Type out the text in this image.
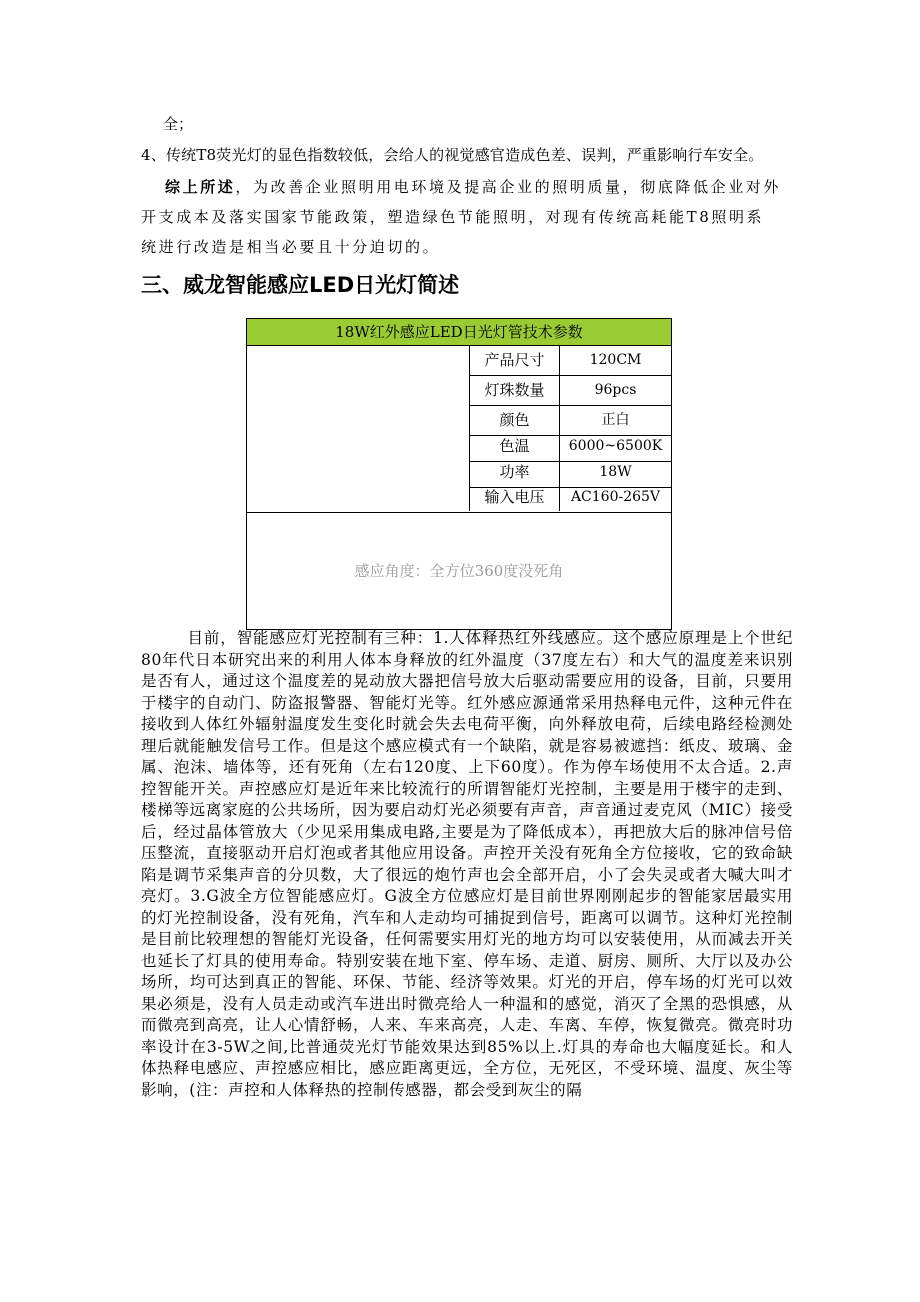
全；
4、传统T8荧光灯的显色指数较低，会给人的视觉感官造成色差、误判，严重影响行车安全。
综上所述，为改善企业照明用电环境及提高企业的照明质量，彻底降低企业对外开支成本及落实国家节能政策，塑造绿色节能照明，对现有传统高耗能T8照明系统进行改造是相当必要且十分迫切的。
三、威龙智能感应LED日光灯简述
18W红外感应LED日光灯管技术参数
产品尺寸	120CM
灯珠数量	96pcs
颜色	正白
色温	6000~6500K
功率	18W
输入电压	AC160-265V
感应角度：全方位360度没死角
目前，智能感应灯光控制有三种：1.人体释热红外线感应。这个感应原理是上个世纪80年代日本研究出来的利用人体本身释放的红外温度（37度左右）和大气的温度差来识别是否有人，通过这个温度差的晃动放大器把信号放大后驱动需要应用的设备，目前，只要用于楼宇的自动门、防盗报警器、智能灯光等。红外感应源通常采用热释电元件，这种元件在接收到人体红外辐射温度发生变化时就会失去电荷平衡，向外释放电荷，后续电路经检测处理后就能触发信号工作。但是这个感应模式有一个缺陷，就是容易被遮挡：纸皮、玻璃、金属、泡沫、墙体等，还有死角（左右120度、上下60度）。作为停车场使用不太合适。2.声控智能开关。声控感应灯是近年来比较流行的所谓智能灯光控制，主要是用于楼宇的走到、楼梯等远离家庭的公共场所，因为要启动灯光必须要有声音，声音通过麦克风（MIC）接受后，经过晶体管放大（少见采用集成电路,主要是为了降低成本），再把放大后的脉冲信号倍压整流，直接驱动开启灯泡或者其他应用设备。声控开关没有死角全方位接收，它的致命缺陷是调节采集声音的分贝数，大了很远的炮竹声也会全部开启，小了会失灵或者大喊大叫才亮灯。3.G波全方位智能感应灯。G波全方位感应灯是目前世界刚刚起步的智能家居最实用的灯光控制设备，没有死角，汽车和人走动均可捕捉到信号，距离可以调节。这种灯光控制是目前比较理想的智能灯光设备，任何需要实用灯光的地方均可以安装使用，从而减去开关也延长了灯具的使用寿命。特别安装在地下室、停车场、走道、厨房、厕所、大厅以及办公场所，均可达到真正的智能、环保、节能、经济等效果。灯光的开启，停车场的灯光可以效果必须是，没有人员走动或汽车进出时微亮给人一种温和的感觉，消灭了全黑的恐惧感，从而微亮到高亮，让人心情舒畅，人来、车来高亮，人走、车离、车停，恢复微亮。微亮时功率设计在3-5W之间,比普通荧光灯节能效果达到85%以上.灯具的寿命也大幅度延长。和人体热释电感应、声控感应相比，感应距离更远，全方位，无死区，不受环境、温度、灰尘等影响，(注：声控和人体释热的控制传感器，都会受到灰尘的隔
